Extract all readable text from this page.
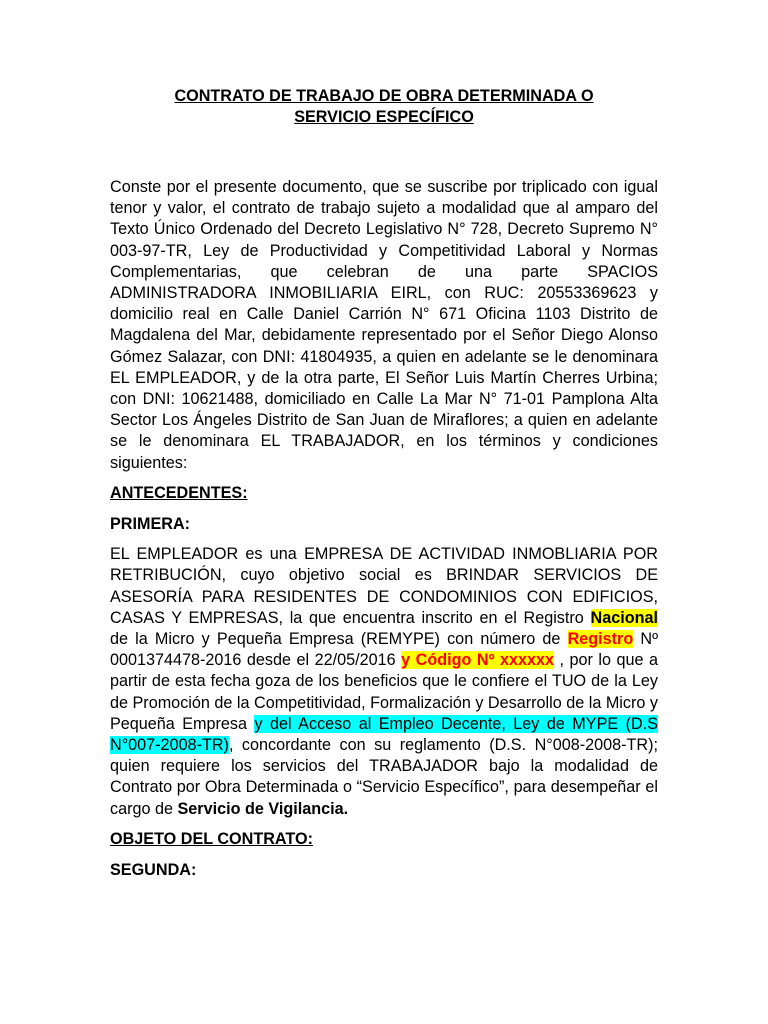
CONTRATO DE TRABAJO DE OBRA DETERMINADA O
SERVICIO ESPECÍFICO

Conste por el presente documento, que se suscribe por triplicado con igual tenor y valor, el contrato de trabajo sujeto a modalidad que al amparo del Texto Único Ordenado del Decreto Legislativo N° 728, Decreto Supremo N° 003-97-TR, Ley de Productividad y Competitividad Laboral y Normas Complementarias, que celebran de una parte SPACIOS ADMINISTRADORA INMOBILIARIA EIRL, con RUC: 20553369623 y domicilio real en Calle Daniel Carrión N° 671 Oficina 1103 Distrito de Magdalena del Mar, debidamente representado por el Señor Diego Alonso Gómez Salazar, con DNI: 41804935, a quien en adelante se le denominara EL EMPLEADOR, y de la otra parte, El Señor Luis Martín Cherres Urbina; con DNI: 10621488, domiciliado en Calle La Mar N° 71-01 Pamplona Alta Sector Los Ángeles Distrito de San Juan de Miraflores; a quien en adelante se le denominara EL TRABAJADOR, en los términos y condiciones siguientes:

ANTECEDENTES:

PRIMERA:

EL EMPLEADOR es una EMPRESA DE ACTIVIDAD INMOBLIARIA POR RETRIBUCIÓN, cuyo objetivo social es BRINDAR SERVICIOS DE ASESORÍA PARA RESIDENTES DE CONDOMINIOS CON EDIFICIOS, CASAS Y EMPRESAS, la que encuentra inscrito en el Registro Nacional de la Micro y Pequeña Empresa (REMYPE) con número de Registro Nº 0001374478-2016 desde el 22/05/2016 y Código Nº xxxxxx , por lo que a partir de esta fecha goza de los beneficios que le confiere el TUO de la Ley de Promoción de la Competitividad, Formalización y Desarrollo de la Micro y Pequeña Empresa y del Acceso al Empleo Decente, Ley de MYPE (D.S N°007-2008-TR), concordante con su reglamento (D.S. N°008-2008-TR); quien requiere los servicios del TRABAJADOR bajo la modalidad de Contrato por Obra Determinada o “Servicio Específico”, para desempeñar el cargo de Servicio de Vigilancia.

OBJETO DEL CONTRATO:

SEGUNDA:
